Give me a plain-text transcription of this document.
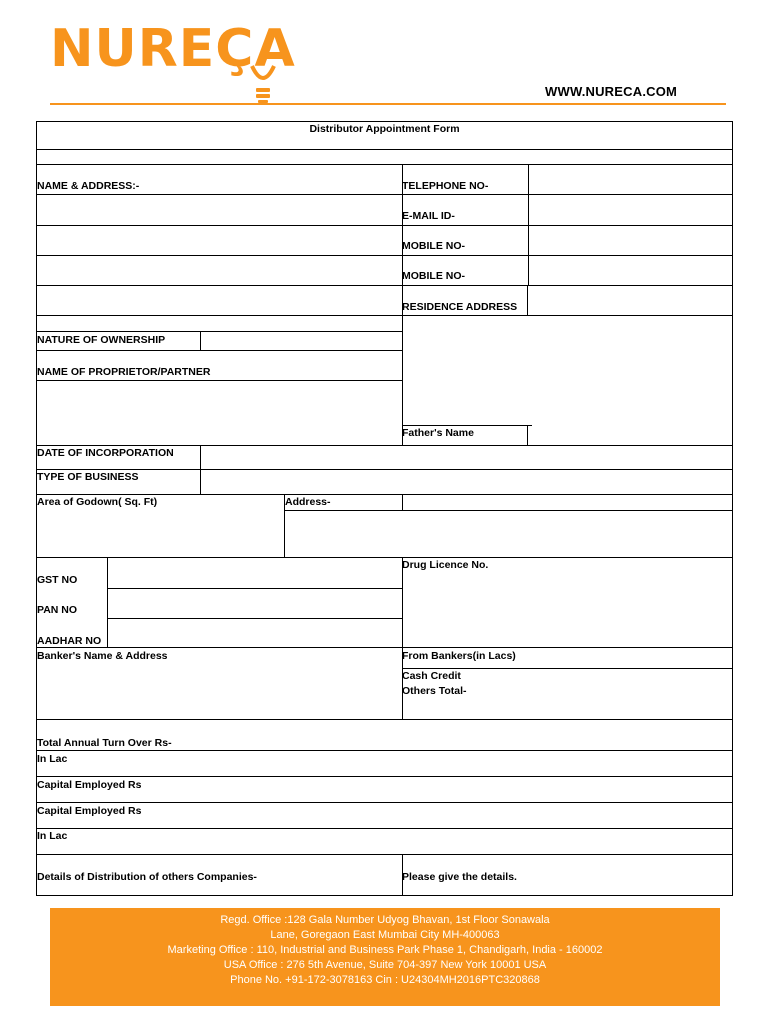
NUREÇA
WWW.NURECA.COM
Distributor Appointment Form
NAME & ADDRESS:-	TELEPHONE NO-
E-MAIL ID-
MOBILE NO-
MOBILE NO-
RESIDENCE ADDRESS
NATURE OF OWNERSHIP
NAME OF PROPRIETOR/PARTNER
Father's Name
DATE OF INCORPORATION
TYPE OF BUSINESS
Area of Godown( Sq. Ft)	Address-
Drug Licence No.
GST NO
PAN NO
AADHAR NO
Banker's Name & Address	From Bankers(in Lacs)
Cash Credit
Others Total-
Total Annual Turn Over Rs-
In Lac
Capital Employed Rs
Capital Employed Rs
In Lac
Details of Distribution of others Companies-	Please give the details.
Regd. Office :128 Gala Number Udyog Bhavan, 1st Floor Sonawala
Lane, Goregaon East Mumbai City MH-400063
Marketing Office : 110, Industrial and Business Park Phase 1, Chandigarh, India - 160002
USA Office : 276 5th Avenue, Suite 704-397 New York 10001 USA
Phone No. +91-172-3078163 Cin : U24304MH2016PTC320868
